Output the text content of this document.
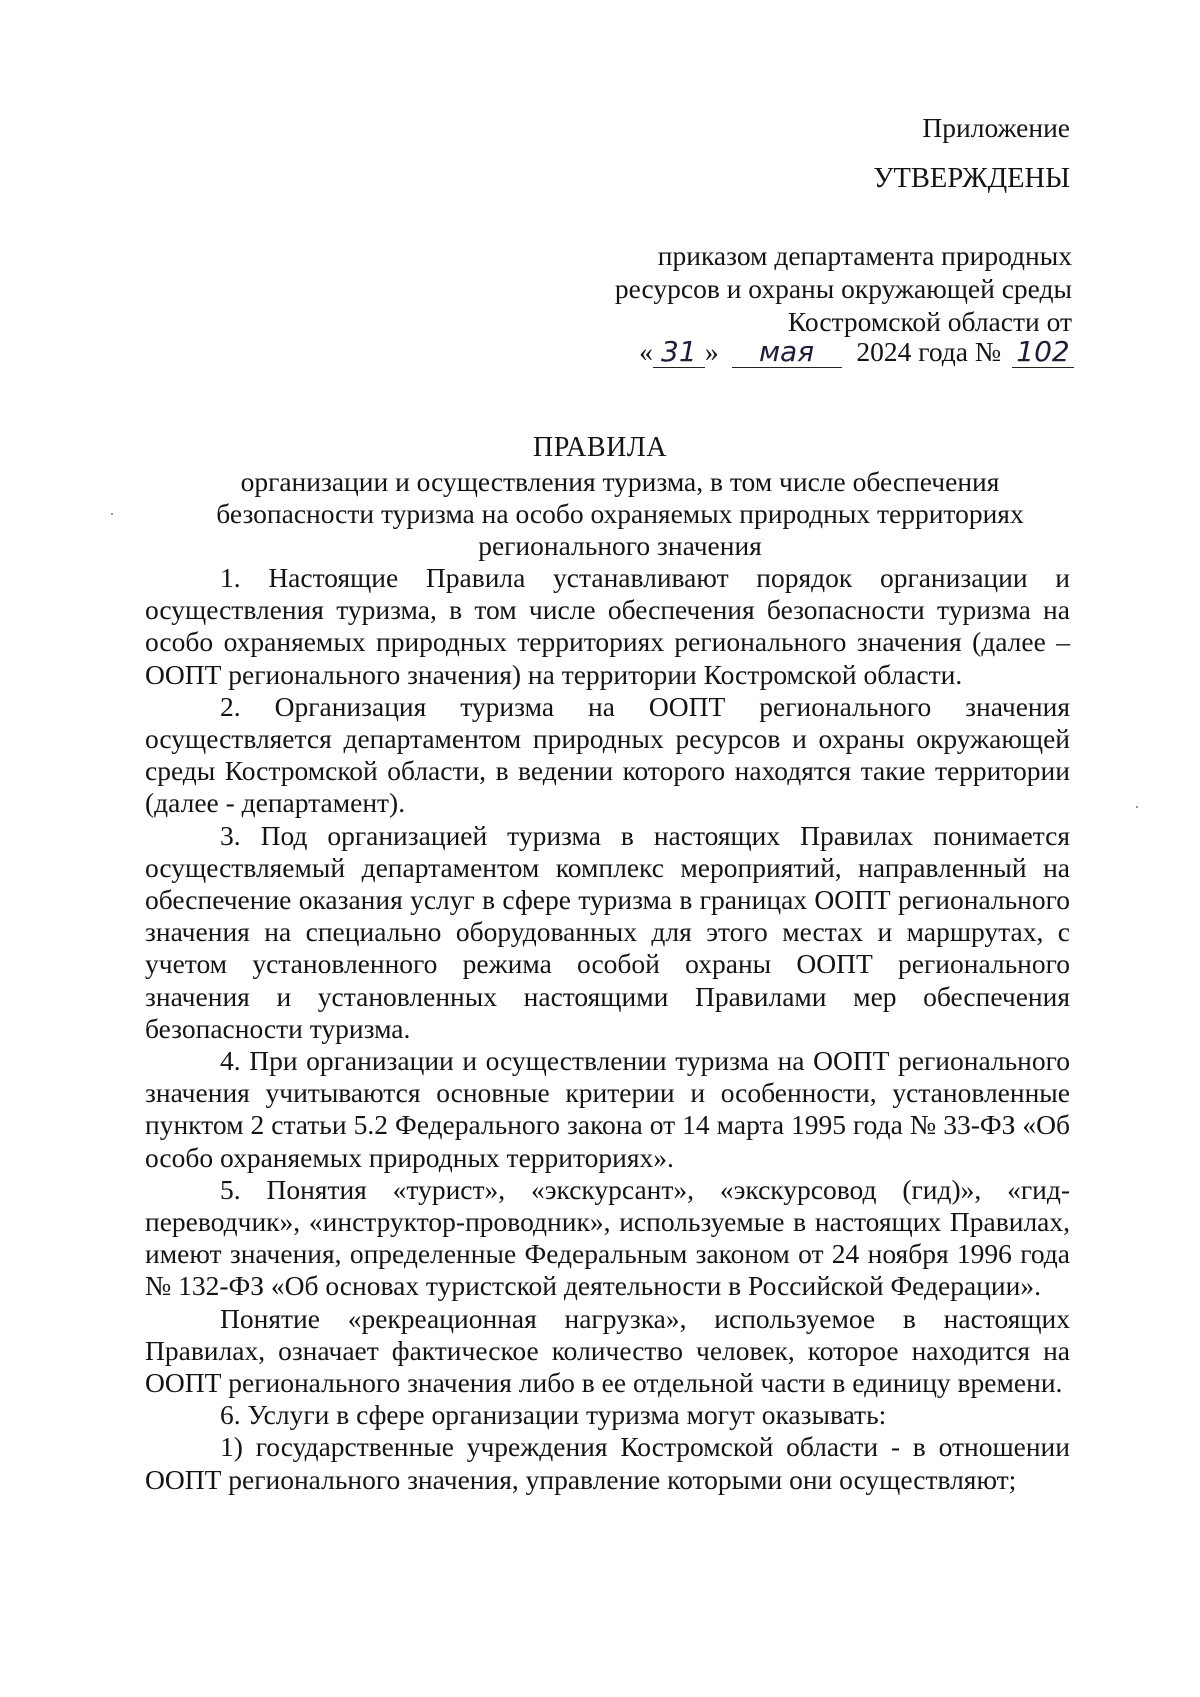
Приложение
УТВЕРЖДЕНЫ
приказом департамента природных ресурсов и охраны окружающей среды Костромской области от
« 31 » мая 2024 года № 102
ПРАВИЛА
организации и осуществления туризма, в том числе обеспечения безопасности туризма на особо охраняемых природных территориях регионального значения

1. Настоящие Правила устанавливают порядок организации и осуществления туризма, в том числе обеспечения безопасности туризма на особо охраняемых природных территориях регионального значения (далее – ООПТ регионального значения) на территории Костромской области.

2. Организация туризма на ООПТ регионального значения осуществляется департаментом природных ресурсов и охраны окружающей среды Костромской области, в ведении которого находятся такие территории (далее - департамент).

3. Под организацией туризма в настоящих Правилах понимается осуществляемый департаментом комплекс мероприятий, направленный на обеспечение оказания услуг в сфере туризма в границах ООПТ регионального значения на специально оборудованных для этого местах и маршрутах, с учетом установленного режима особой охраны ООПТ регионального значения и установленных настоящими Правилами мер обеспечения безопасности туризма.

4. При организации и осуществлении туризма на ООПТ регионального значения учитываются основные критерии и особенности, установленные пунктом 2 статьи 5.2 Федерального закона от 14 марта 1995 года № 33-ФЗ «Об особо охраняемых природных территориях».

5. Понятия «турист», «экскурсант», «экскурсовод (гид)», «гид-переводчик», «инструктор-проводник», используемые в настоящих Правилах, имеют значения, определенные Федеральным законом от 24 ноября 1996 года № 132-ФЗ «Об основах туристской деятельности в Российской Федерации».

Понятие «рекреационная нагрузка», используемое в настоящих Правилах, означает фактическое количество человек, которое находится на ООПТ регионального значения либо в ее отдельной части в единицу времени.

6. Услуги в сфере организации туризма могут оказывать:

1) государственные учреждения Костромской области - в отношении ООПТ регионального значения, управление которыми они осуществляют;
